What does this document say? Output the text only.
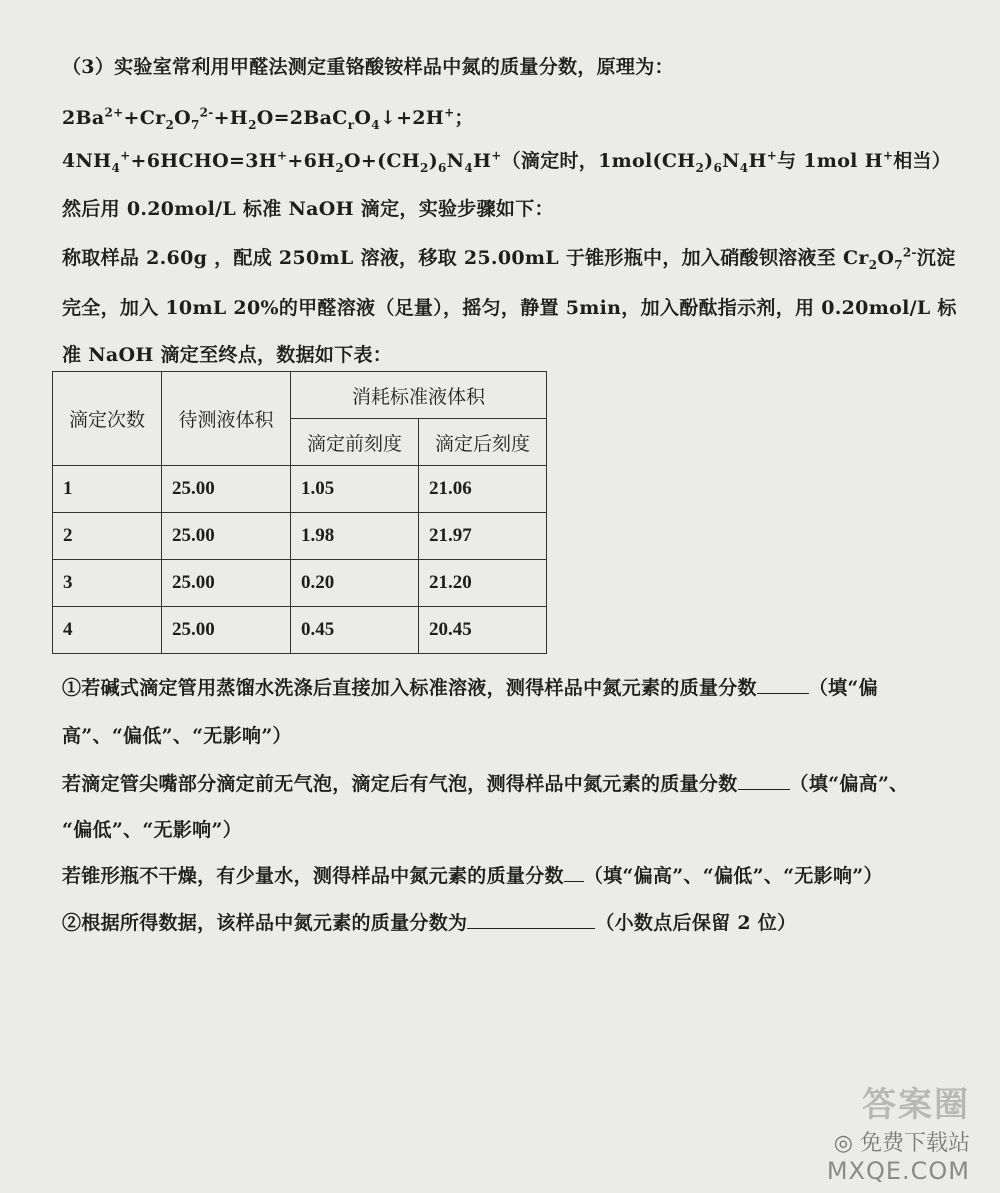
（3）实验室常利用甲醛法测定重铬酸铵样品中氮的质量分数，原理为：
$2Ba^{2+}+Cr_2O_7^{2-}+H_2O=2BaC_rO_4↓+2H^+$；
$4NH_4^++6HCHO=3H^++6H_2O+(CH_2)_6N_4H^+$（滴定时，$1mol(CH_2)_6N_4H^+$与 1mol H+相当）
然后用 0.20mol/L 标准 NaOH 滴定，实验步骤如下：
称取样品 2.60g ，配成 250mL 溶液，移取 25.00mL 于锥形瓶中，加入硝酸钡溶液至 $Cr_2O_7^{2-}$沉淀
完全，加入 10mL 20%的甲醛溶液（足量），摇匀，静置 5min，加入酚酞指示剂，用 0.20mol/L 标
准 NaOH 滴定至终点，数据如下表：
滴定次数	待测液体积	消耗标准液体积	
		滴定前刻度	滴定后刻度
1	25.00	1.05	21.06
2	25.00	1.98	21.97
3	25.00	0.20	21.20
4	25.00	0.45	20.45
①若碱式滴定管用蒸馏水洗涤后直接加入标准溶液，测得样品中氮元素的质量分数	（填“偏
高”、“偏低”、“无影响”）
若滴定管尖嘴部分滴定前无气泡，滴定后有气泡，测得样品中氮元素的质量分数	（填“偏高”、
“偏低”、“无影响”）
若锥形瓶不干燥，有少量水，测得样品中氮元素的质量分数 （填“偏高”、“偏低”、“无影响”）
②根据所得数据，该样品中氮元素的质量分数为	（小数点后保留 2 位）
答案圈
◎ 免费下载站
MXQE.COM
